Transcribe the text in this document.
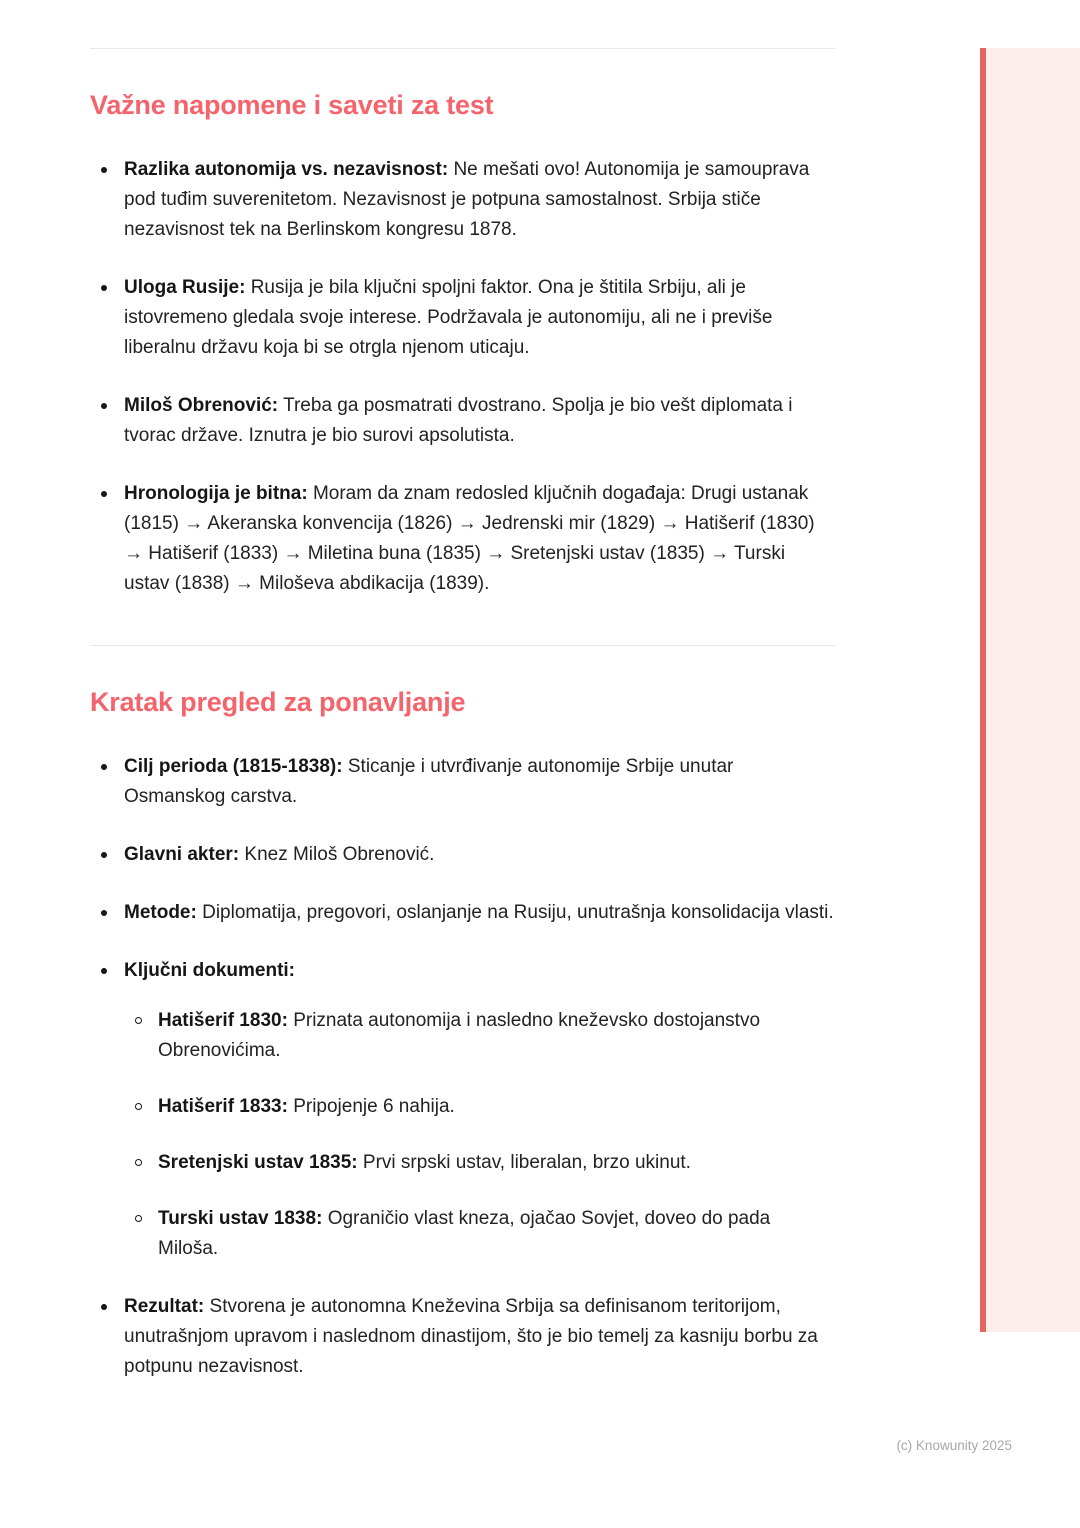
Važne napomene i saveti za test

Razlika autonomija vs. nezavisnost: Ne mešati ovo! Autonomija je samouprava pod tuđim suverenitetom. Nezavisnost je potpuna samostalnost. Srbija stiče nezavisnost tek na Berlinskom kongresu 1878.

Uloga Rusije: Rusija je bila ključni spoljni faktor. Ona je štitila Srbiju, ali je istovremeno gledala svoje interese. Podržavala je autonomiju, ali ne i previše liberalnu državu koja bi se otrgla njenom uticaju.

Miloš Obrenović: Treba ga posmatrati dvostrano. Spolja je bio vešt diplomata i tvorac države. Iznutra je bio surovi apsolutista.

Hronologija je bitna: Moram da znam redosled ključnih događaja: Drugi ustanak (1815) → Akeranska konvencija (1826) → Jedrenski mir (1829) → Hatišerif (1830) → Hatišerif (1833) → Miletina buna (1835) → Sretenjski ustav (1835) → Turski ustav (1838) → Miloševa abdikacija (1839).

Kratak pregled za ponavljanje

Cilj perioda (1815-1838): Sticanje i utvrđivanje autonomije Srbije unutar Osmanskog carstva.

Glavni akter: Knez Miloš Obrenović.

Metode: Diplomatija, pregovori, oslanjanje na Rusiju, unutrašnja konsolidacija vlasti.

Ključni dokumenti:

Hatišerif 1830: Priznata autonomija i nasledno kneževsko dostojanstvo Obrenovićima.

Hatišerif 1833: Pripojenje 6 nahija.

Sretenjski ustav 1835: Prvi srpski ustav, liberalan, brzo ukinut.

Turski ustav 1838: Ograničio vlast kneza, ojačao Sovjet, doveo do pada Miloša.

Rezultat: Stvorena je autonomna Kneževina Srbija sa definisanom teritorijom, unutrašnjom upravom i naslednom dinastijom, što je bio temelj za kasniju borbu za potpunu nezavisnost.

(c) Knowunity 2025
